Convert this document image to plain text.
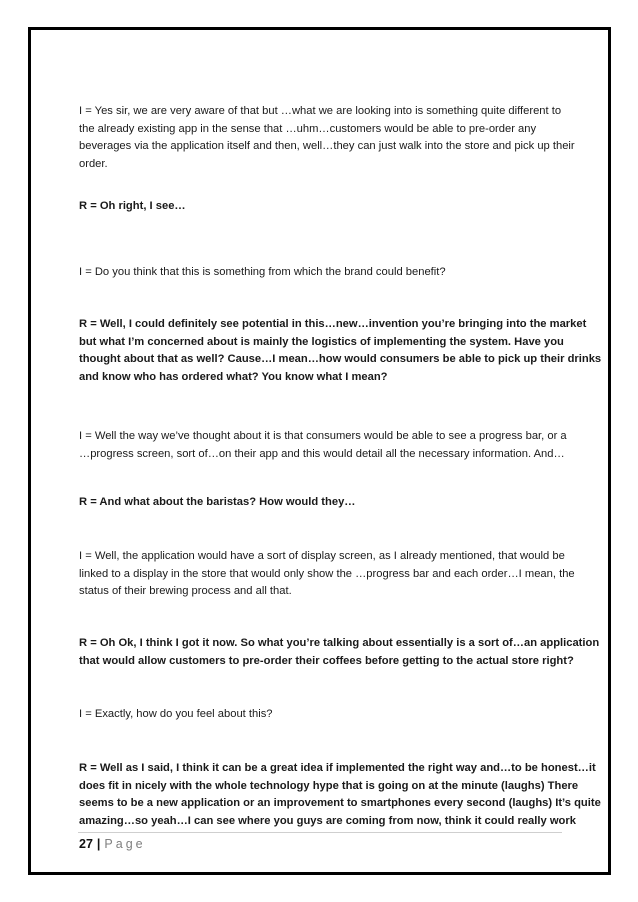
I = Yes sir, we are very aware of that but …what we are looking into is something quite different to
the already existing app in the sense that …uhm…customers would be able to pre-order any
beverages via the application itself and then, well…they can just walk into the store and pick up their
order.
R = Oh right, I see…
I = Do you think that this is something from which the brand could benefit?
R = Well, I could definitely see potential in this…new…invention you’re bringing into the market
but what I’m concerned about is mainly the logistics of implementing the system. Have you
thought about that as well? Cause…I mean…how would consumers be able to pick up their drinks
and know who has ordered what? You know what I mean?
I = Well the way we’ve thought about it is that consumers would be able to see a progress bar, or a
…progress screen, sort of…on their app and this would detail all the necessary information. And…
R = And what about the baristas? How would they…
I = Well, the application would have a sort of display screen, as I already mentioned, that would be
linked to a display in the store that would only show the …progress bar and each order…I mean, the
status of their brewing process and all that.
R = Oh Ok, I think I got it now. So what you’re talking about essentially is a sort of…an application
that would allow customers to pre-order their coffees before getting to the actual store right?
I = Exactly, how do you feel about this?
R = Well as I said, I think it can be a great idea if implemented the right way and…to be honest…it
does fit in nicely with the whole technology hype that is going on at the minute (laughs) There
seems to be a new application or an improvement to smartphones every second (laughs) It’s quite
amazing…so yeah…I can see where you guys are coming from now, think it could really work
27 | Page
